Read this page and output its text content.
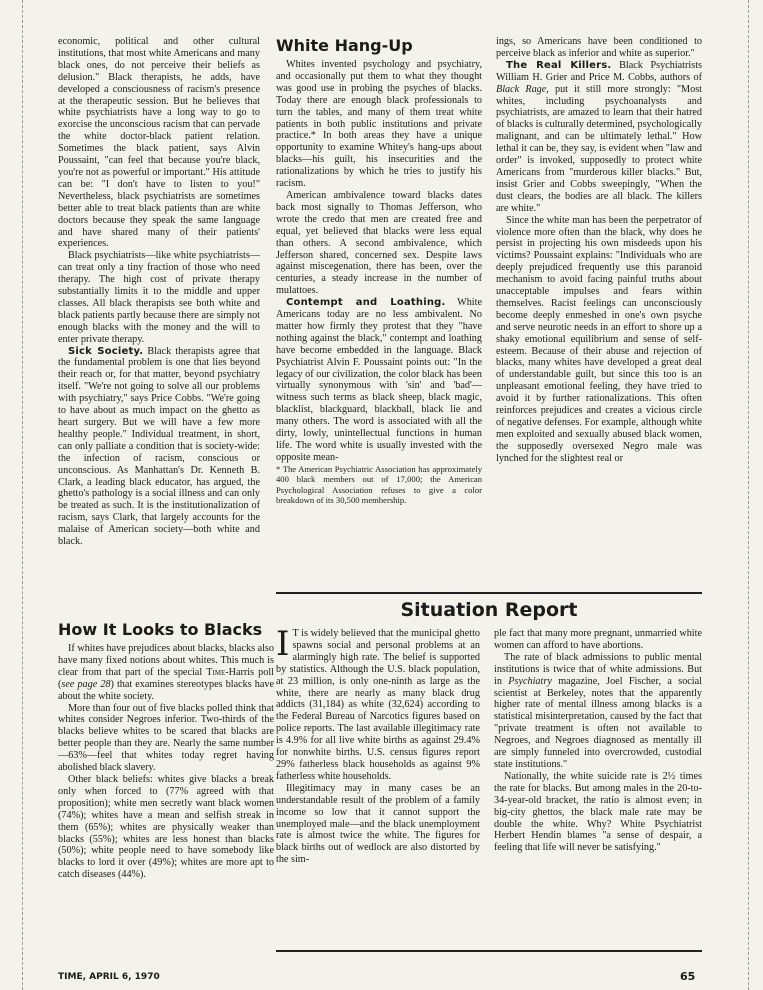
economic, political and other cultural institutions, that most white Americans and many black ones, do not perceive their beliefs as delusion." Black therapists, he adds, have developed a consciousness of racism's presence at the therapeutic session. But he believes that white psychiatrists have a long way to go to exorcise the unconscious racism that can pervade the white doctor-black patient relation. Sometimes the black patient, says Alvin Poussaint, "can feel that because you're black, you're not as powerful or important." His attitude can be: "I don't have to listen to you!" Nevertheless, black psychiatrists are sometimes better able to treat black patients than are white doctors because they speak the same language and have shared many of their patients' experiences.

Black psychiatrists—like white psychiatrists—can treat only a tiny fraction of those who need therapy. The high cost of private therapy substantially limits it to the middle and upper classes. All black therapists see both white and black patients partly because there are simply not enough blacks with the money and the will to enter private therapy.

Sick Society. Black therapists agree that the fundamental problem is one that lies beyond their reach or, for that matter, beyond psychiatry itself. "We're not going to solve all our problems with psychiatry," says Price Cobbs. "We're going to have about as much impact on the ghetto as heart surgery. But we will have a few more healthy people." Individual treatment, in short, can only palliate a condition that is society-wide: the infection of racism, conscious or unconscious. As Manhattan's Dr. Kenneth B. Clark, a leading black educator, has argued, the ghetto's pathology is a social illness and can only be treated as such. It is the institutionalization of racism, says Clark, that largely accounts for the malaise of American society—both white and black.

How It Looks to Blacks

If whites have prejudices about blacks, blacks also have many fixed notions about whites. This much is clear from that part of the special Time-Harris poll (see page 28) that examines stereotypes blacks have about the white society.

More than four out of five blacks polled think that whites consider Negroes inferior. Two-thirds of the blacks believe whites to be scared that blacks are better people than they are. Nearly the same number—63%—feel that whites today regret having abolished black slavery.

Other black beliefs: whites give blacks a break only when forced to (77% agreed with that proposition); white men secretly want black women (74%); whites have a mean and selfish streak in them (65%); whites are physically weaker than blacks (55%); whites are less honest than blacks (50%); white people need to have somebody like blacks to lord it over (49%); whites are more apt to catch diseases (44%).

White Hang-Up

Whites invented psychology and psychiatry, and occasionally put them to what they thought was good use in probing the psyches of blacks. Today there are enough black professionals to turn the tables, and many of them treat white patients in both public institutions and private practice.* In both areas they have a unique opportunity to examine Whitey's hang-ups about blacks—his guilt, his insecurities and the rationalizations by which he tries to justify his racism.

American ambivalence toward blacks dates back most signally to Thomas Jefferson, who wrote the credo that men are created free and equal, yet believed that blacks were less equal than others. A second ambivalence, which Jefferson shared, concerned sex. Despite laws against miscegenation, there has been, over the centuries, a steady increase in the number of mulattoes.

Contempt and Loathing. White Americans today are no less ambivalent. No matter how firmly they protest that they "have nothing against the black," contempt and loathing have become embedded in the language. Black Psychiatrist Alvin F. Poussaint points out: "In the legacy of our civilization, the color black has been virtually synonymous with 'sin' and 'bad'—witness such terms as black sheep, black magic, blacklist, blackguard, blackball, black lie and many others. The word is associated with all the dirty, lowly, unintellectual functions in human life. The word white is usually invested with the opposite mean-

* The American Psychiatric Association has approximately 400 black members out of 17,000; the American Psychological Association refuses to give a color breakdown of its 30,500 membership.

ings, so Americans have been conditioned to perceive black as inferior and white as superior."

The Real Killers. Black Psychiatrists William H. Grier and Price M. Cobbs, authors of Black Rage, put it still more strongly: "Most whites, including psychoanalysts and psychiatrists, are amazed to learn that their hatred of blacks is culturally determined, psychologically malignant, and can be ultimately lethal." How lethal it can be, they say, is evident when "law and order" is invoked, supposedly to protect white Americans from "murderous killer blacks." But, insist Grier and Cobbs sweepingly, "When the dust clears, the bodies are all black. The killers are white."

Since the white man has been the perpetrator of violence more often than the black, why does he persist in projecting his own misdeeds upon his victims? Poussaint explains: "Individuals who are deeply prejudiced frequently use this paranoid mechanism to avoid facing painful truths about unacceptable impulses and fears within themselves. Racist feelings can unconsciously become deeply enmeshed in one's own psyche and serve neurotic needs in an effort to shore up a shaky emotional equilibrium and sense of self-esteem. Because of their abuse and rejection of blacks, many whites have developed a great deal of understandable guilt, but since this too is an unpleasant emotional feeling, they have tried to avoid it by further rationalizations. This often reinforces prejudices and creates a vicious circle of negative defenses. For example, although white men exploited and sexually abused black women, the supposedly oversexed Negro male was lynched for the slightest real or

Situation Report

I T is widely believed that the municipal ghetto spawns social and personal problems at an alarmingly high rate. The belief is supported by statistics. Although the U.S. black population, at 23 million, is only one-ninth as large as the white, there are nearly as many black drug addicts (31,184) as white (32,624) according to the Federal Bureau of Narcotics figures based on police reports. The last available illegitimacy rate is 4.9% for all live white births as against 29.4% for nonwhite births. U.S. census figures report 29% fatherless black households as against 9% fatherless white households.

Illegitimacy may in many cases be an understandable result of the problem of a family income so low that it cannot support the unemployed male—and the black unemployment rate is almost twice the white. The figures for black births out of wedlock are also distorted by the sim-

ple fact that many more pregnant, unmarried white women can afford to have abortions.

The rate of black admissions to public mental institutions is twice that of white admissions. But in Psychiatry magazine, Joel Fischer, a social scientist at Berkeley, notes that the apparently higher rate of mental illness among blacks is a statistical misinterpretation, caused by the fact that "private treatment is often not available to Negroes, and Negroes diagnosed as mentally ill are simply funneled into overcrowded, custodial state institutions."

Nationally, the white suicide rate is 2½ times the rate for blacks. But among males in the 20-to-34-year-old bracket, the ratio is almost even; in big-city ghettos, the black male rate may be double the white. Why? White Psychiatrist Herbert Hendin blames "a sense of despair, a feeling that life will never be satisfying."

TIME, APRIL 6, 1970	65
